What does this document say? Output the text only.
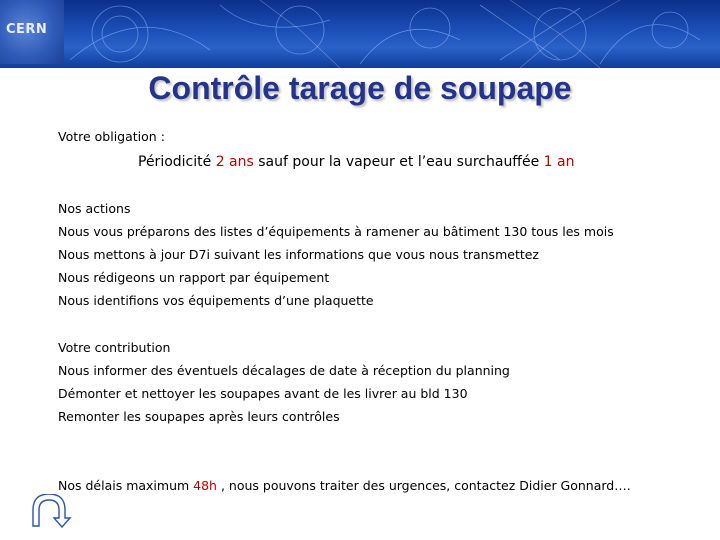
CERN
Contrôle tarage de soupape
Votre obligation :
Périodicité 2 ans sauf pour la vapeur et l’eau surchauffée 1 an
Nos actions
Nous vous préparons des listes d’équipements à ramener au bâtiment 130 tous les mois
Nous mettons à jour D7i suivant les informations que vous nous transmettez
Nous rédigeons un rapport par équipement
Nous identifions vos équipements d’une plaquette
Votre contribution
Nous informer des éventuels décalages de date à réception du planning
Démonter et nettoyer les soupapes avant de les livrer au bld 130
Remonter les soupapes après leurs contrôles
Nos délais maximum 48h , nous pouvons traiter des urgences, contactez Didier Gonnard….
